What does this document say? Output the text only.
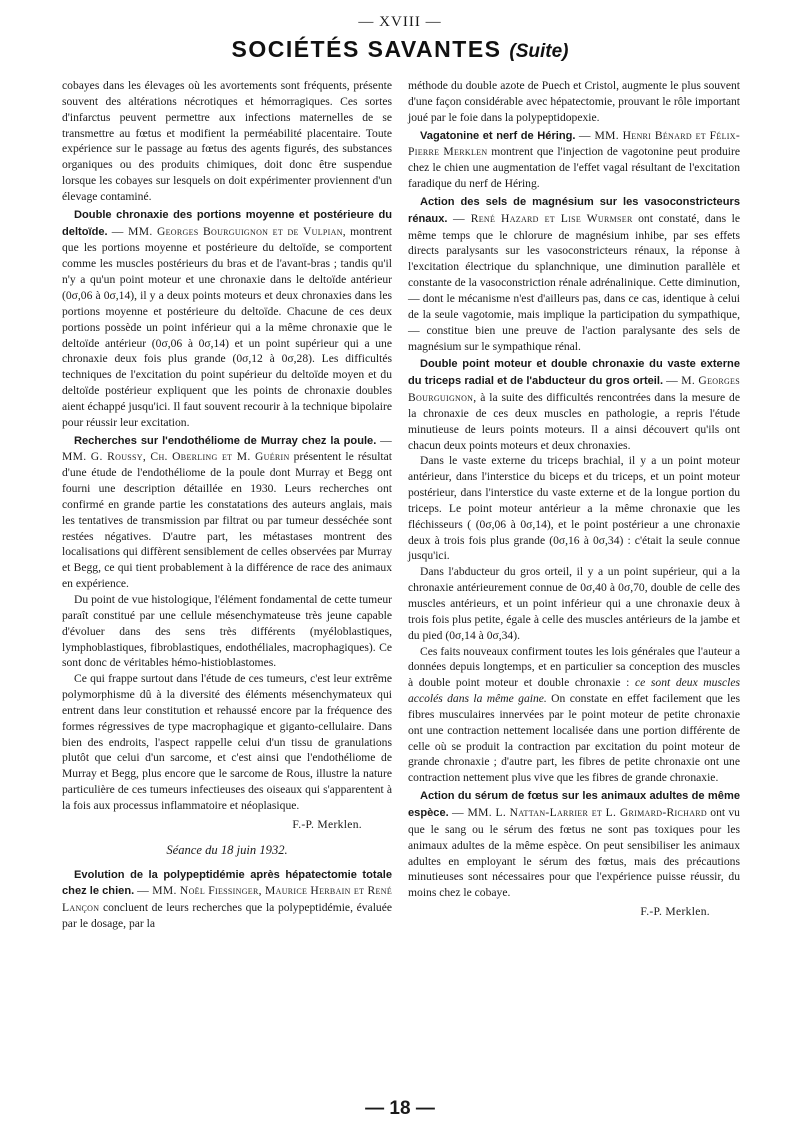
— XVIII —
SOCIÉTÉS SAVANTES (Suite)

cobayes dans les élevages où les avortements sont fréquents, présente souvent des altérations nécrotiques et hémorragiques. Ces sortes d'infarctus peuvent permettre aux infections maternelles de se transmettre au fœtus et modifient la perméabilité placentaire. Toute expérience sur le passage au fœtus des agents figurés, des substances organiques ou des produits chimiques, doit donc être suspendue lorsque les cobayes sur lesquels on doit expérimenter proviennent d'un élevage contaminé.

Double chronaxie des portions moyenne et postérieure du deltoïde. — MM. Georges Bourguignon et de Vulpian, montrent que les portions moyenne et postérieure du deltoïde, se comportent comme les muscles postérieurs du bras et de l'avant-bras ; tandis qu'il n'y a qu'un point moteur et une chronaxie dans le deltoïde antérieur (0σ,06 à 0σ,14), il y a deux points moteurs et deux chronaxies dans les portions moyenne et postérieure du deltoïde. Chacune de ces deux portions possède un point inférieur qui a la même chronaxie que le deltoïde antérieur (0σ,06 à 0σ,14) et un point supérieur qui a une chronaxie deux fois plus grande (0σ,12 à 0σ,28). Les difficultés techniques de l'excitation du point supérieur du deltoïde moyen et du deltoïde postérieur expliquent que les points de chronaxie doubles aient échappé jusqu'ici. Il faut souvent recourir à la technique bipolaire pour réussir leur excitation.

Recherches sur l'endothéliome de Murray chez la poule. — MM. G. Roussy, Ch. Oberling et M. Guérin présentent le résultat d'une étude de l'endothéliome de la poule dont Murray et Begg ont fourni une description détaillée en 1930. Leurs recherches ont confirmé en grande partie les constatations des auteurs anglais, mais les tentatives de transmission par filtrat ou par tumeur desséchée sont restées négatives. D'autre part, les métastases montrent des localisations qui diffèrent sensiblement de celles observées par Murray et Begg, ce qui tient probablement à la différence de race des animaux en expérience.

Du point de vue histologique, l'élément fondamental de cette tumeur paraît constitué par une cellule mésenchymateuse très jeune capable d'évoluer dans des sens très différents (myéloblastiques, lymphoblastiques, fibroblastiques, endothéliales, macrophagiques). Ce sont donc de véritables hémo-histioblastomes.

Ce qui frappe surtout dans l'étude de ces tumeurs, c'est leur extrême polymorphisme dû à la diversité des éléments mésenchymateux qui entrent dans leur constitution et rehaussé encore par la fréquence des formes régressives de type macrophagique et giganto-cellulaire. Dans bien des endroits, l'aspect rappelle celui d'un tissu de granulations plutôt que celui d'un sarcome, et c'est ainsi que l'endothéliome de Murray et Begg, plus encore que le sarcome de Rous, illustre la nature particulière de ces tumeurs infectieuses des oiseaux qui s'apparentent à la fois aux processus inflammatoire et néoplasique.

F.-P. Merklen.
Séance du 18 juin 1932.

Evolution de la polypeptidémie après hépatectomie totale chez le chien. — MM. Noël Fiessinger, Maurice Herbain et René Lançon concluent de leurs recherches que la polypeptidémie, évaluée par le dosage, par la

méthode du double azote de Puech et Cristol, augmente le plus souvent d'une façon considérable avec hépatectomie, prouvant le rôle important joué par le foie dans la polypeptidopexie.

Vagatonine et nerf de Héring. — MM. Henri Bénard et Félix-Pierre Merklen montrent que l'injection de vagotonine peut produire chez le chien une augmentation de l'effet vagal résultant de l'excitation faradique du nerf de Héring.

Action des sels de magnésium sur les vasoconstricteurs rénaux. — René Hazard et Lise Wurmser ont constaté, dans le même temps que le chlorure de magnésium inhibe, par ses effets directs paralysants sur les vasoconstricteurs rénaux, la réponse à l'excitation électrique du splanchnique, une diminution parallèle et constante de la vasoconstriction rénale adrénalinique. Cette diminution, — dont le mécanisme n'est d'ailleurs pas, dans ce cas, identique à celui de la seule vagotomie, mais implique la participation du sympathique, — constitue bien une preuve de l'action paralysante des sels de magnésium sur le sympathique rénal.

Double point moteur et double chronaxie du vaste externe du triceps radial et de l'abducteur du gros orteil. — M. Georges Bourguignon, à la suite des difficultés rencontrées dans la mesure de la chronaxie de ces deux muscles en pathologie, a repris l'étude minutieuse de leurs points moteurs. Il a ainsi découvert qu'ils ont chacun deux points moteurs et deux chronaxies.

Dans le vaste externe du triceps brachial, il y a un point moteur antérieur, dans l'interstice du biceps et du triceps, et un point moteur postérieur, dans l'interstice du vaste externe et de la longue portion du triceps. Le point moteur antérieur a la même chronaxie que les fléchisseurs ( (0σ,06 à 0σ,14), et le point postérieur a une chronaxie deux à trois fois plus grande (0σ,16 à 0σ,34) : c'était la seule connue jusqu'ici.

Dans l'abducteur du gros orteil, il y a un point supérieur, qui a la chronaxie antérieurement connue de 0σ,40 à 0σ,70, double de celle des muscles antérieurs, et un point inférieur qui a une chronaxie deux à trois fois plus petite, égale à celle des muscles antérieurs de la jambe et du pied (0σ,14 à 0σ,34).

Ces faits nouveaux confirment toutes les lois générales que l'auteur a données depuis longtemps, et en particulier sa conception des muscles à double point moteur et double chronaxie : ce sont deux muscles accolés dans la même gaine. On constate en effet facilement que les fibres musculaires innervées par le point moteur de petite chronaxie ont une contraction nettement localisée dans une portion différente de celle où se produit la contraction par excitation du point moteur de grande chronaxie ; d'autre part, les fibres de petite chronaxie ont une contraction nettement plus vive que les fibres de grande chronaxie.

Action du sérum de fœtus sur les animaux adultes de même espèce. — MM. L. Nattan-Larrier et L. Grimard-Richard ont vu que le sang ou le sérum des fœtus ne sont pas toxiques pour les animaux adultes de la même espèce. On peut sensibiliser les animaux adultes en employant le sérum des fœtus, mais des précautions minutieuses sont nécessaires pour que l'expérience puisse réussir, du moins chez le cobaye.

F.-P. Merklen.
— 18 —
